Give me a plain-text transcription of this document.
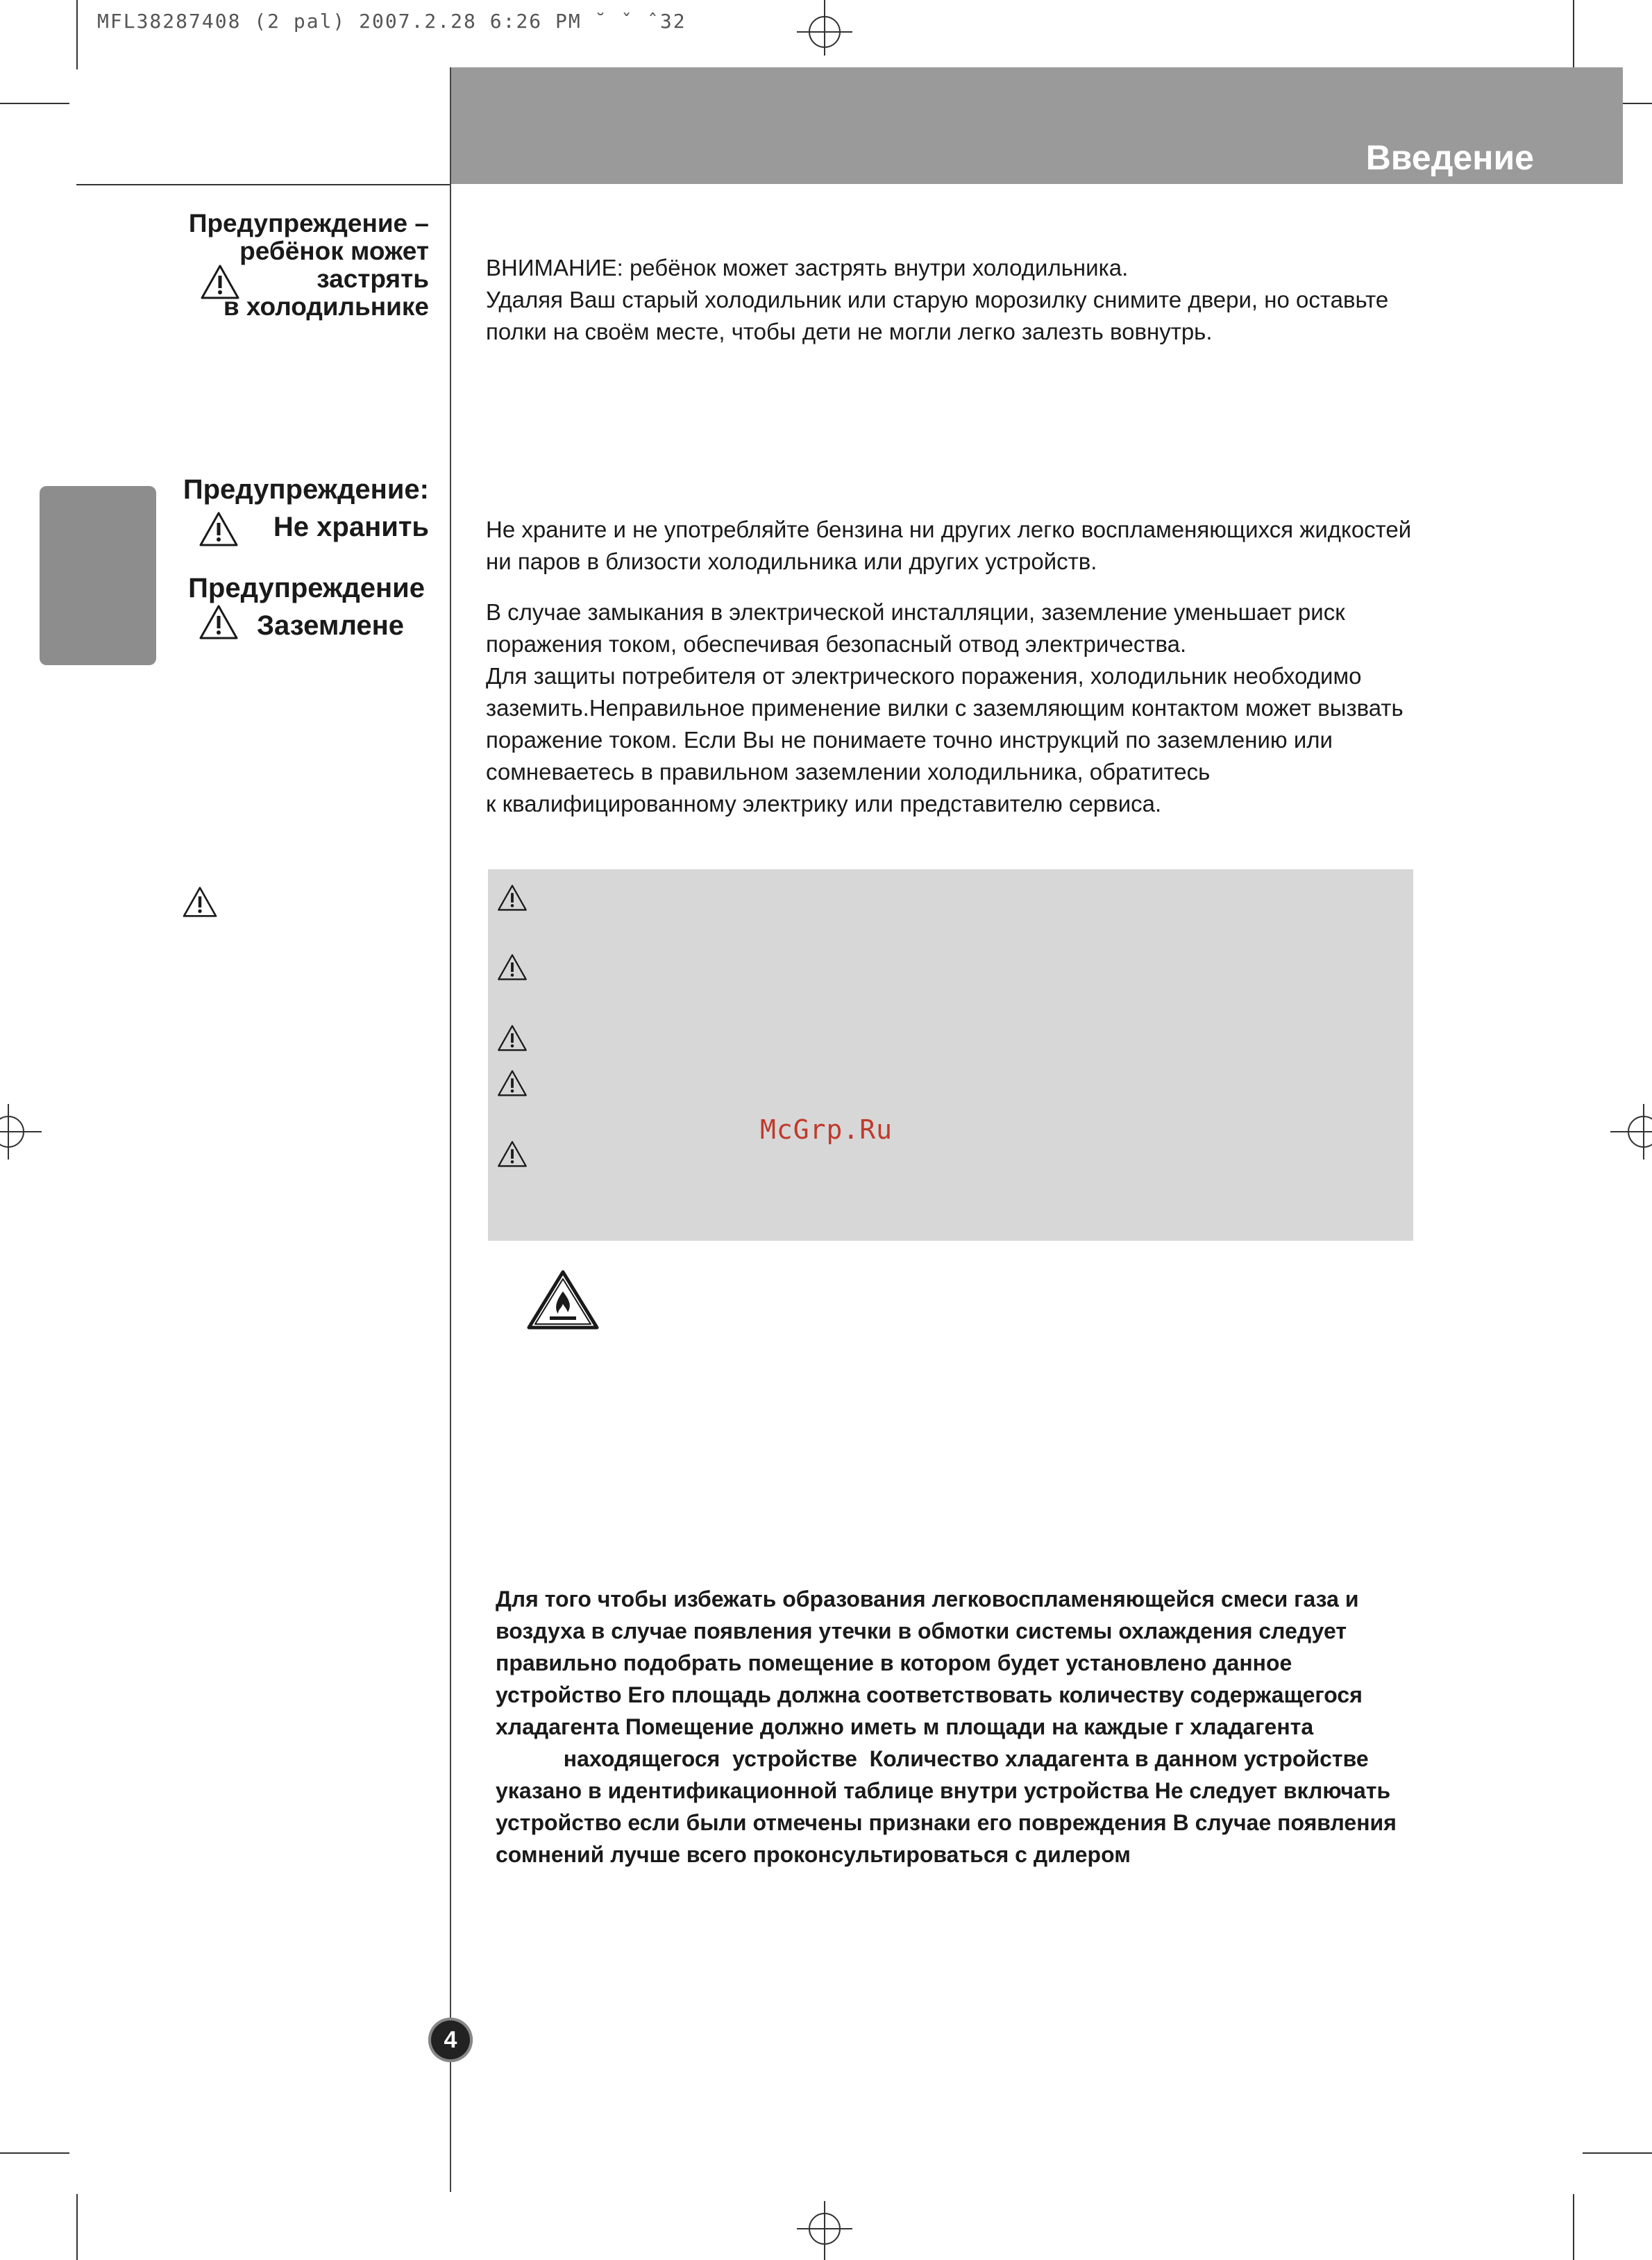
MFL38287408 (2 pal) 2007.2.28 6:26 PM ˘ ˇ ˆ32
Введение
Предупреждение –
ребёнок может
застрять
в холодильнике
Предупреждение:
Не хранить
Предупреждение
Заземлене
ВНИМАНИЕ: ребёнок может застрять внутри холодильника.
Удаляя Ваш старый холодильник или старую морозилку снимите двери, но оставьте
полки на своём месте, чтобы дети не могли легко залезть вовнутрь.
Не храните и не употребляйте бензина ни других легко воспламеняющихся жидкостей
ни паров в близости холодильника или других устройств.
В случае замыкания в электрической инсталляции, заземление уменьшает риск
поражения током, обеспечивая безопасный отвод электричества.
Для защиты потребителя от электрического поражения, холодильник необходимо
заземить.Неправильное применение вилки с заземляющим контактом может вызвать
поражение током. Если Вы не понимаете точно инструкций по заземлению или
сомневаетесь в правильном заземлении холодильника, обратитесь
к квалифицированному электрику или представителю сервиса.
McGrp.Ru
Для того чтобы избежать образования легковоспламеняющейся смеси газа и
воздуха в случае появления утечки в обмотки системы охлаждения следует
правильно подобрать помещение в котором будет установлено данное
устройство Его площадь должна соответствовать количеству содержащегося
хладагента Помещение должно иметь м площади на каждые г хладагента
находящегося  устройстве  Количество хладагента в данном устройстве
указано в идентификационной таблице внутри устройства Не следует включать
устройство если были отмечены признаки его повреждения В случае появления
сомнений лучше всего проконсультироваться с дилером
4
